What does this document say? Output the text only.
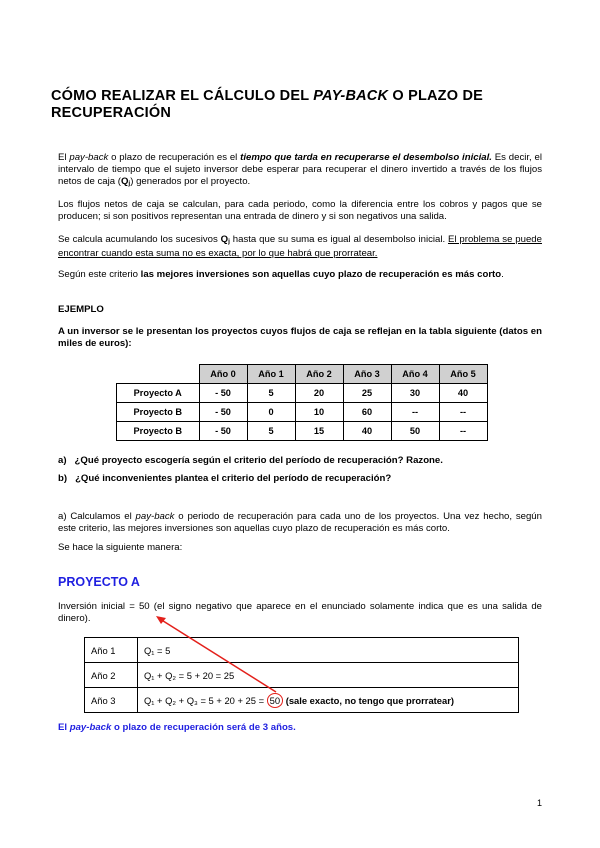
CÓMO REALIZAR EL CÁLCULO DEL PAY-BACK O PLAZO DE
RECUPERACIÓN
El pay-back o plazo de recuperación es el tiempo que tarda en recuperarse el desembolso inicial. Es decir, el intervalo de tiempo que el sujeto inversor debe esperar para recuperar el dinero invertido a través de los flujos netos de caja (Qj) generados por el proyecto.
Los flujos netos de caja se calculan, para cada periodo, como la diferencia entre los cobros y pagos que se producen; si son positivos representan una entrada de dinero y si son negativos una salida.
Se calcula acumulando los sucesivos Qj hasta que su suma es igual al desembolso inicial. El problema se puede encontrar cuando esta suma no es exacta, por lo que habrá que prorratear.
Según este criterio las mejores inversiones son aquellas cuyo plazo de recuperación es más corto.
EJEMPLO
A un inversor se le presentan los proyectos cuyos flujos de caja se reflejan en la tabla siguiente (datos en miles de euros):
	Año 0	Año 1	Año 2	Año 3	Año 4	Año 5
Proyecto A	- 50	5	20	25	30	40
Proyecto B	- 50	0	10	60	--	--
Proyecto B	- 50	5	15	40	50	--
a) ¿Qué proyecto escogería según el criterio del período de recuperación? Razone.
b) ¿Qué inconvenientes plantea el criterio del período de recuperación?
a) Calculamos el pay-back o periodo de recuperación para cada uno de los proyectos. Una vez hecho, según este criterio, las mejores inversiones son aquellas cuyo plazo de recuperación es más corto.
Se hace la siguiente manera:
PROYECTO A
Inversión inicial = 50 (el signo negativo que aparece en el enunciado solamente indica que es una salida de dinero).
Año 1	Q₁ = 5
Año 2	Q₁ + Q₂ = 5 + 20 = 25
Año 3	Q₁ + Q₂ + Q₃ = 5 + 20 + 25 = 50 (sale exacto, no tengo que prorratear)
El pay-back o plazo de recuperación será de 3 años.
1
